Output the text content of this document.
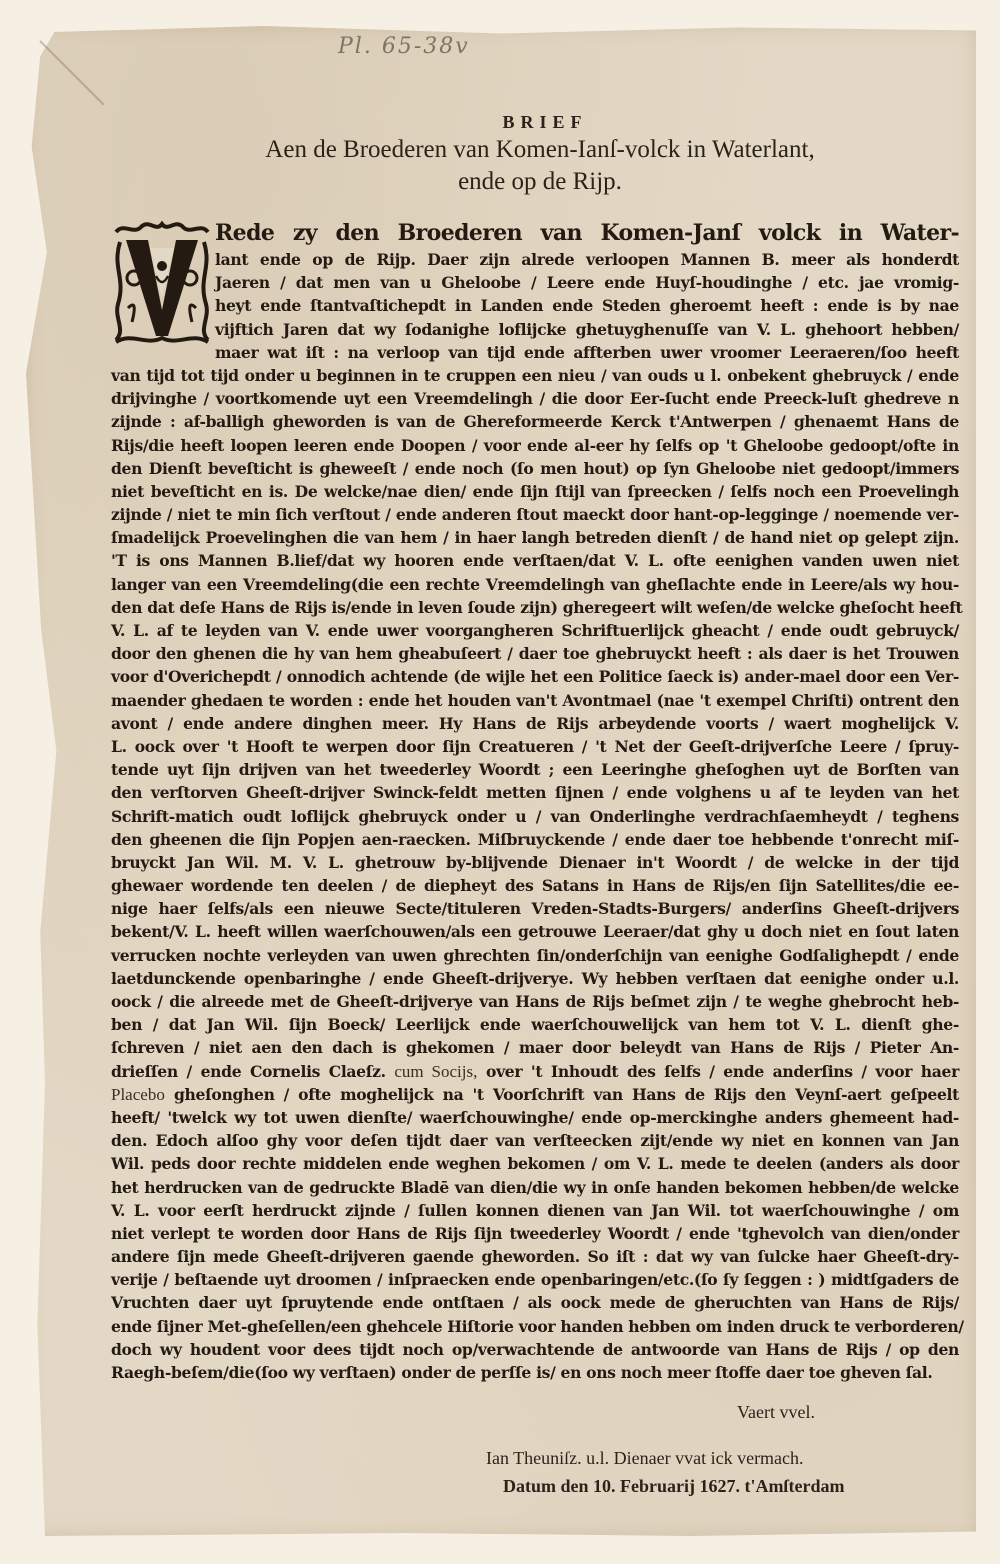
Pl. 65-38v
BRIEF
Aen de Broederen van Komen-Ianſ-volck in Waterlant,
ende op de Rijp.
Rede zy den Broederen van Komen-Janſ volck in Water-
lant ende op de Rijp. Daer zijn alrede verloopen Mannen B. meer als honderdt
Jaeren / dat men van u Gheloobe / Leere ende Huyſ-houdinghe / etc. jae vromig-
heyt ende ſtantvaſtichepdt in Landen ende Steden gheroemt heeft : ende is by nae
vijftich Jaren dat wy ſodanighe loflijcke ghetuyghenuſſe van V. L. ghehoort hebben/
maer wat iſt : na verloop van tijd ende affterben uwer vroomer Leeraeren/ſoo heeft
van tijd tot tijd onder u beginnen in te cruppen een nieu / van ouds u l. onbekent ghebruyck / ende
drijvinghe / voortkomende uyt een Vreemdelingh / die door Eer-ſucht ende Preeck-luſt ghedreve n
zijnde : af-balligh gheworden is van de Ghereformeerde Kerck t'Antwerpen / ghenaemt Hans de
Rijs/die heeft loopen leeren ende Doopen / voor ende al-eer hy ſelfs op 't Gheloobe gedoopt/ofte in
den Dienſt beveſticht is gheweeſt / ende noch (ſo men hout) op ſyn Gheloobe niet gedoopt/immers
niet beveſticht en is. De welcke/nae dien/ ende ſijn ſtijl van ſpreecken / ſelfs noch een Proevelingh
zijnde / niet te min ſich verſtout / ende anderen ſtout maeckt door hant-op-legginge / noemende ver-
ſmadelijck Proevelinghen die van hem / in haer langh betreden dienſt / de hand niet op gelept zijn.
'T is ons Mannen B.lief/dat wy hooren ende verſtaen/dat V. L. ofte eenighen vanden uwen niet
langer van een Vreemdeling(die een rechte Vreemdelingh van gheſlachte ende in Leere/als wy hou-
den dat deſe Hans de Rijs is/ende in leven ſoude zijn) gheregeert wilt weſen/de welcke gheſocht heeft
V. L. af te leyden van V. ende uwer voorgangheren Schriftuerlijck gheacht / ende oudt gebruyck/
door den ghenen die hy van hem gheabuſeert / daer toe ghebruyckt heeft : als daer is het Trouwen
voor d'Overichepdt / onnodich achtende (de wijle het een Politice ſaeck is) ander-mael door een Ver-
maender ghedaen te worden : ende het houden van't Avontmael (nae 't exempel Chriſti) ontrent den
avont / ende andere dinghen meer. Hy Hans de Rijs arbeydende voorts / waert moghelijck V.
L. oock over 't Hooft te werpen door ſijn Creatueren / 't Net der Geeſt-drijverſche Leere / ſpruy-
tende uyt ſijn drijven van het tweederley Woordt ; een Leeringhe gheſoghen uyt de Borſten van
den verſtorven Gheeſt-drijver Swinck-feldt metten ſijnen / ende volghens u af te leyden van het
Schrift-matich oudt loflijck ghebruyck onder u / van Onderlinghe verdrachſaemheydt / teghens
den gheenen die ſijn Popjen aen-raecken. Miſbruyckende / ende daer toe hebbende t'onrecht miſ-
bruyckt Jan Wil. M. V. L. ghetrouw by-blijvende Dienaer in't Woordt / de welcke in der tijd
ghewaer wordende ten deelen / de diepheyt des Satans in Hans de Rijs/en ſijn Satellites/die ee-
nige haer ſelfs/als een nieuwe Secte/tituleren Vreden-Stadts-Burgers/ anderſins Gheeſt-drijvers
bekent/V. L. heeft willen waerſchouwen/als een getrouwe Leeraer/dat ghy u doch niet en ſout laten
verrucken nochte verleyden van uwen ghrechten ſin/onderſchijn van eenighe Godſalighepdt / ende
laetdunckende openbaringhe / ende Gheeſt-drijverye. Wy hebben verſtaen dat eenighe onder u.l.
oock / die alreede met de Gheeſt-drijverye van Hans de Rijs beſmet zijn / te weghe ghebrocht heb-
ben / dat Jan Wil. ſijn Boeck/ Leerlijck ende waerſchouwelijck van hem tot V. L. dienſt ghe-
ſchreven / niet aen den dach is ghekomen / maer door beleydt van Hans de Rijs / Pieter An-
drieſſen / ende Cornelis Claeſz. cum Socijs, over 't Inhoudt des ſelfs / ende anderſins / voor haer
Placebo gheſonghen / ofte moghelijck na 't Voorſchrift van Hans de Rijs den Veynſ-aert geſpeelt
heeft/ 'twelck wy tot uwen dienſte/ waerſchouwinghe/ ende op-merckinghe anders ghemeent had-
den. Edoch alſoo ghy voor deſen tijdt daer van verſteecken zijt/ende wy niet en konnen van Jan
Wil. peds door rechte middelen ende weghen bekomen / om V. L. mede te deelen (anders als door
het herdrucken van de gedruckte Bladē van dien/die wy in onſe handen bekomen hebben/de welcke
V. L. voor eerſt herdruckt zijnde / ſullen konnen dienen van Jan Wil. tot waerſchouwinghe / om
niet verlept te worden door Hans de Rijs ſijn tweederley Woordt / ende 'tghevolch van dien/onder
andere ſijn mede Gheeſt-drijveren gaende gheworden. So iſt : dat wy van ſulcke haer Gheeſt-dry-
verije / beſtaende uyt droomen / inſpraecken ende openbaringen/etc.(ſo ſy ſeggen : ) midtſgaders de
Vruchten daer uyt ſpruytende ende ontſtaen / als oock mede de gheruchten van Hans de Rijs/
ende ſijner Met-gheſellen/een ghehcele Hiſtorie voor handen hebben om inden druck te verborderen/
doch wy houdent voor dees tijdt noch op/verwachtende de antwoorde van Hans de Rijs / op den
Raegh-beſem/die(ſoo wy verſtaen) onder de perſſe is/ en ons noch meer ſtoffe daer toe gheven ſal.
Vaert vvel.
Ian Theuniſz. u.l. Dienaer vvat ick vermach.
Datum den 10. Februarij 1627. t'Amſterdam
